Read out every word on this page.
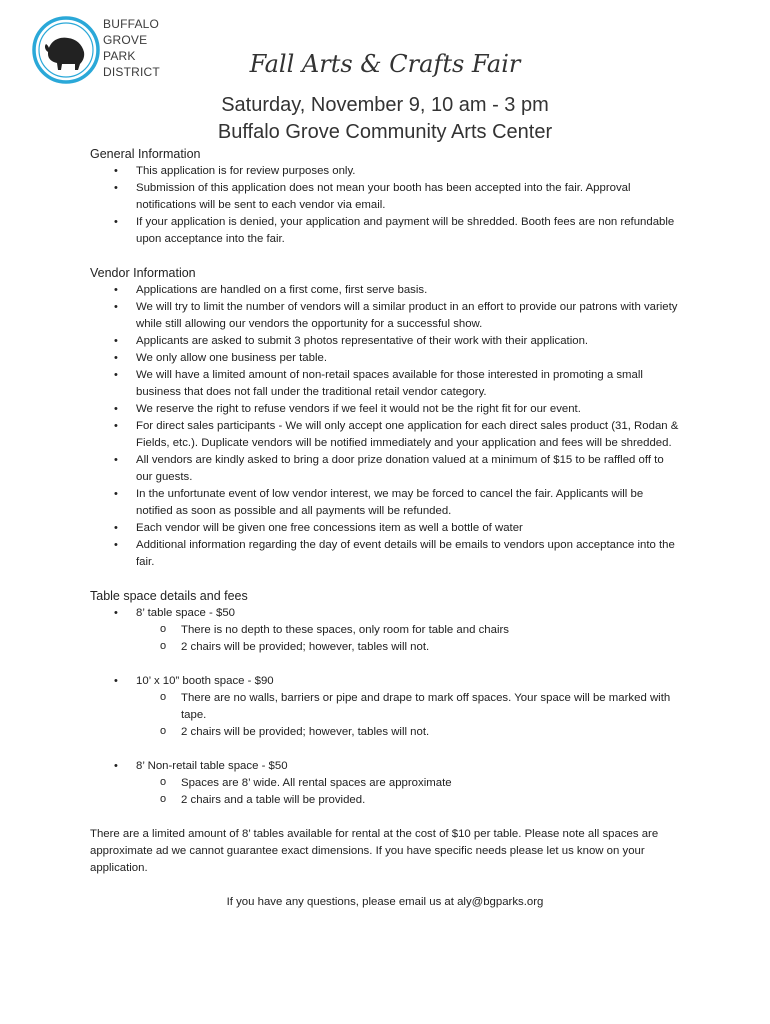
BUFFALO
GROVE
PARK
DISTRICT	Fall Arts & Crafts Fair
Saturday, November 9, 10 am - 3 pm
Buffalo Grove Community Arts Center
General Information
• This application is for review purposes only.
• Submission of this application does not mean your booth has been accepted into the fair. Approval notifications will be sent to each vendor via email.
• If your application is denied, your application and payment will be shredded. Booth fees are non refundable upon acceptance into the fair.
Vendor Information
• Applications are handled on a first come, first serve basis.
• We will try to limit the number of vendors will a similar product in an effort to provide our patrons with variety while still allowing our vendors the opportunity for a successful show.
• Applicants are asked to submit 3 photos representative of their work with their application.
• We only allow one business per table.
• We will have a limited amount of non-retail spaces available for those interested in promoting a small business that does not fall under the traditional retail vendor category.
• We reserve the right to refuse vendors if we feel it would not be the right fit for our event.
• For direct sales participants - We will only accept one application for each direct sales product (31, Rodan & Fields, etc.). Duplicate vendors will be notified immediately and your application and fees will be shredded.
• All vendors are kindly asked to bring a door prize donation valued at a minimum of $15 to be raffled off to our guests.
• In the unfortunate event of low vendor interest, we may be forced to cancel the fair. Applicants will be notified as soon as possible and all payments will be refunded.
• Each vendor will be given one free concessions item as well a bottle of water
• Additional information regarding the day of event details will be emails to vendors upon acceptance into the fair.
Table space details and fees
• 8’ table space - $50
o There is no depth to these spaces, only room for table and chairs
o 2 chairs will be provided; however, tables will not.
• 10’ x 10” booth space - $90
o There are no walls, barriers or pipe and drape to mark off spaces. Your space will be marked with tape.
o 2 chairs will be provided; however, tables will not.
• 8’ Non-retail table space - $50
o Spaces are 8’ wide. All rental spaces are approximate
o 2 chairs and a table will be provided.
There are a limited amount of 8’ tables available for rental at the cost of $10 per table. Please note all spaces are approximate ad we cannot guarantee exact dimensions. If you have specific needs please let us know on your application.
If you have any questions, please email us at aly@bgparks.org
